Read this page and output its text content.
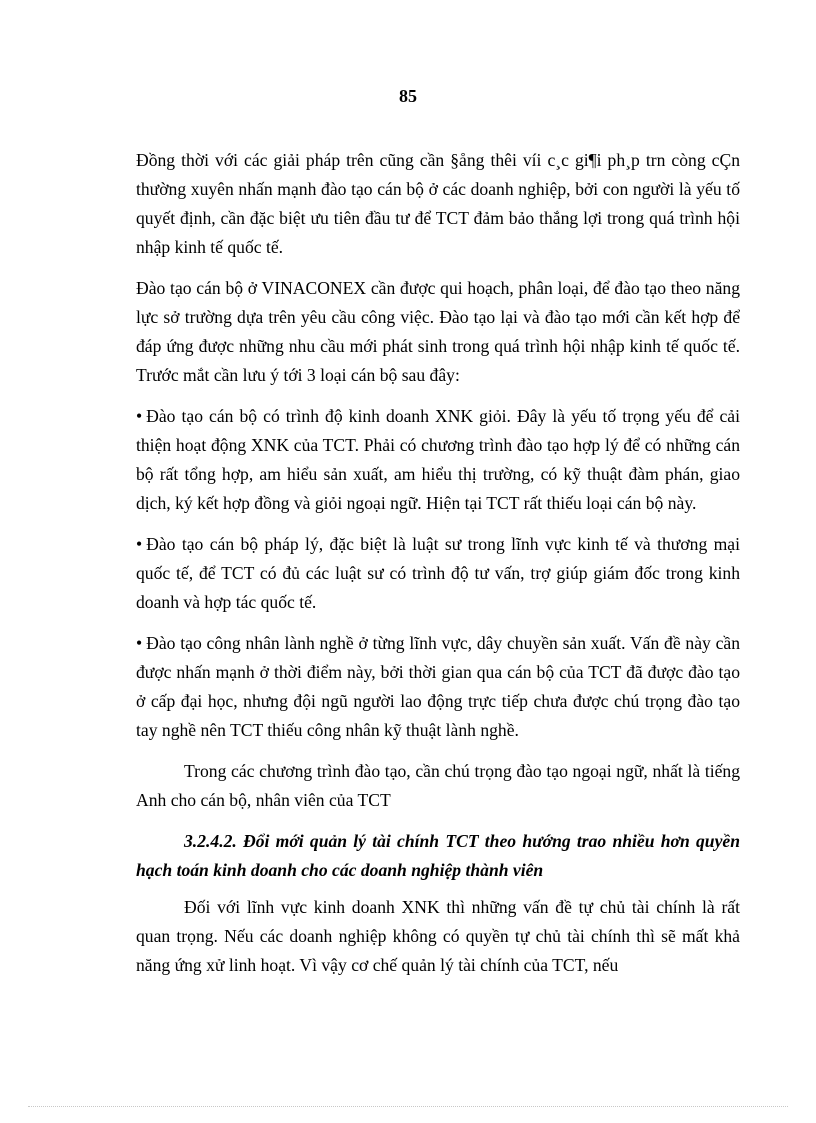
85

Đồng thời với các giải pháp trên cũng cần §ång thêi víi c¸c gi¶i ph¸p trn còng cÇn thường xuyên nhấn mạnh đào tạo cán bộ ở các doanh nghiệp, bởi con người là yếu tố quyết định, cần đặc biệt ưu tiên đầu tư để TCT đảm bảo thắng lợi trong quá trình hội nhập kinh tế quốc tế.

Đào tạo cán bộ ở VINACONEX cần được qui hoạch, phân loại, để đào tạo theo năng lực sở trường dựa trên yêu cầu công việc. Đào tạo lại và đào tạo mới cần kết hợp để đáp ứng được những nhu cầu mới phát sinh trong quá trình hội nhập kinh tế quốc tế. Trước mắt cần lưu ý tới 3 loại cán bộ sau đây:

• Đào tạo cán bộ có trình độ kinh doanh XNK giỏi. Đây là yếu tố trọng yếu để cải thiện hoạt động XNK của TCT. Phải có chương trình đào tạo hợp lý để có những cán bộ rất tổng hợp, am hiểu sản xuất, am hiểu thị trường, có kỹ thuật đàm phán, giao dịch, ký kết hợp đồng và giỏi ngoại ngữ. Hiện tại TCT rất thiếu loại cán bộ này.

• Đào tạo cán bộ pháp lý, đặc biệt là luật sư trong lĩnh vực kinh tế và thương mại quốc tế, để TCT có đủ các luật sư có trình độ tư vấn, trợ giúp giám đốc trong kinh doanh và hợp tác quốc tế.

• Đào tạo công nhân lành nghề ở từng lĩnh vực, dây chuyền sản xuất. Vấn đề này cần được nhấn mạnh ở thời điểm này, bởi thời gian qua cán bộ của TCT đã được đào tạo ở cấp đại học, nhưng đội ngũ người lao động trực tiếp chưa được chú trọng đào tạo tay nghề nên TCT thiếu công nhân kỹ thuật lành nghề.

Trong các chương trình đào tạo, cần chú trọng đào tạo ngoại ngữ, nhất là tiếng Anh cho cán bộ, nhân viên của TCT

3.2.4.2. Đổi mới quản lý tài chính TCT theo hướng trao nhiều hơn quyền hạch toán kinh doanh cho các doanh nghiệp thành viên

Đối với lĩnh vực kinh doanh XNK thì những vấn đề tự chủ tài chính là rất quan trọng. Nếu các doanh nghiệp không có quyền tự chủ tài chính thì sẽ mất khả năng ứng xử linh hoạt. Vì vậy cơ chế quản lý tài chính của TCT, nếu
